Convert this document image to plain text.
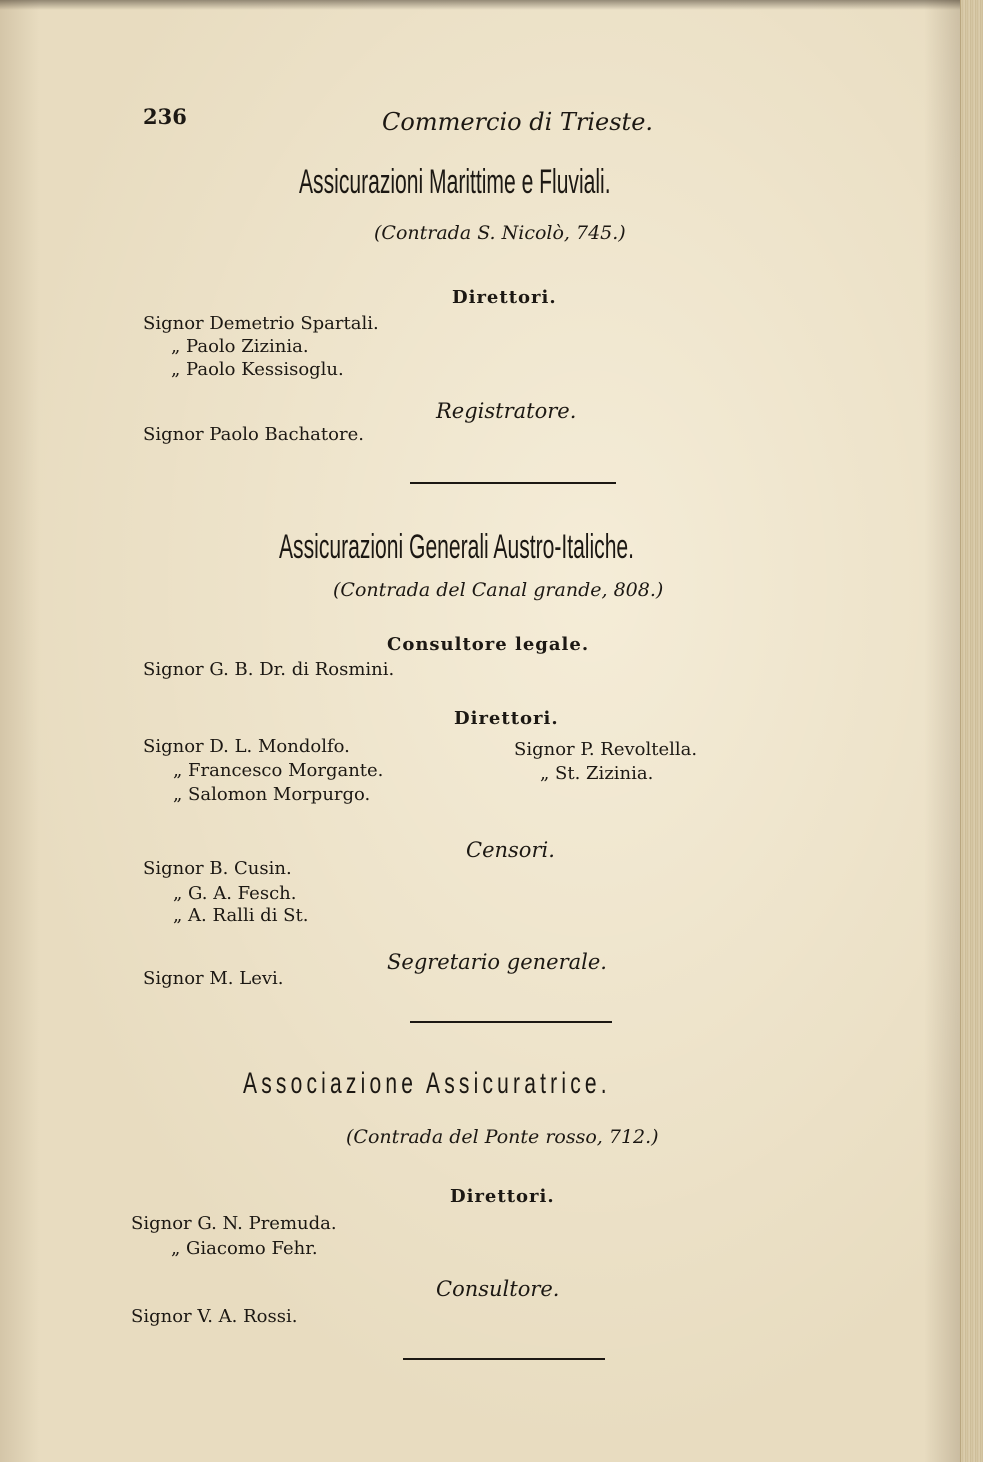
236	Commercio di Trieste.
Assicurazioni Marittime e Fluviali.
(Contrada S. Nicolò, 745.)
Direttori.
Signor Demetrio Spartali.
„ Paolo Zizinia.
„ Paolo Kessisoglu.
Registratore.
Signor Paolo Bachatore.
Assicurazioni Generali Austro-Italiche.
(Contrada del Canal grande, 808.)
Consultore legale.
Signor G. B. Dr. di Rosmini.
Direttori.
Signor D. L. Mondolfo.
„ Francesco Morgante.
„ Salomon Morpurgo.
Signor P. Revoltella.
„ St. Zizinia.
Censori.
Signor B. Cusin.
„ G. A. Fesch.
„ A. Ralli di St.
Segretario generale.
Signor M. Levi.
Associazione Assicuratrice.
(Contrada del Ponte rosso, 712.)
Direttori.
Signor G. N. Premuda.
„ Giacomo Fehr.
Consultore.
Signor V. A. Rossi.
